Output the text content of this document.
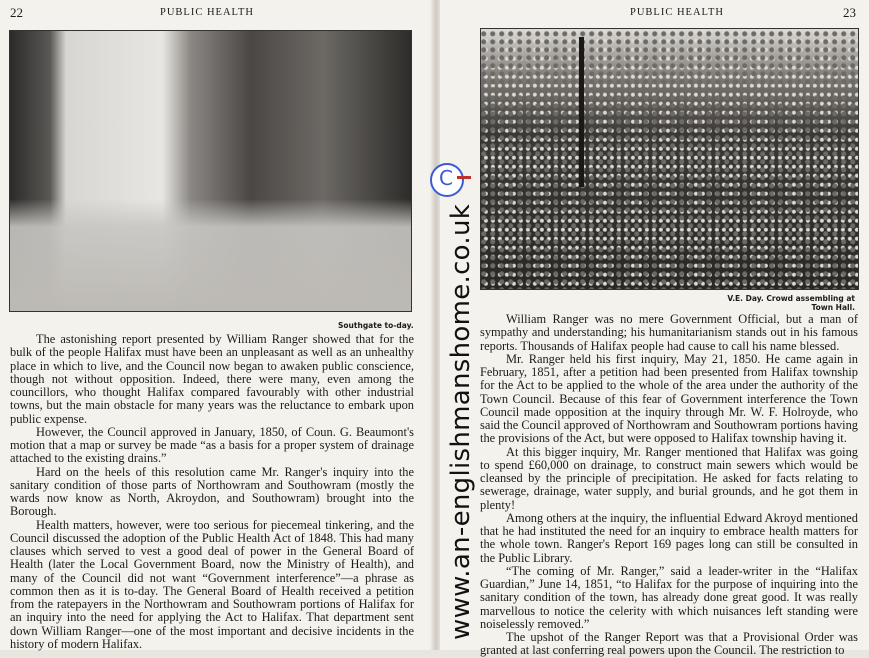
22	PUBLIC HEALTH
Southgate to-day.

The astonishing report presented by William Ranger showed that for the bulk of the people Halifax must have been an unpleasant as well as an unhealthy place in which to live, and the Council now began to awaken public conscience, though not without opposition. Indeed, there were many, even among the councillors, who thought Halifax compared favourably with other industrial towns, but the main obstacle for many years was the reluctance to embark upon public expense.

However, the Council approved in January, 1850, of Coun. G. Beaumont's motion that a map or survey be made “as a basis for a proper system of drainage attached to the existing drains.”

Hard on the heels of this resolution came Mr. Ranger's inquiry into the sanitary condition of those parts of Northowram and Southowram (mostly the wards now know as North, Akroydon, and Southowram) brought into the Borough.

Health matters, however, were too serious for piecemeal tinkering, and the Council discussed the adoption of the Public Health Act of 1848. This had many clauses which served to vest a good deal of power in the General Board of Health (later the Local Government Board, now the Ministry of Health), and many of the Council did not want “Government interference”—a phrase as common then as it is to-day. The General Board of Health received a petition from the ratepayers in the Northowram and Southowram portions of Halifax for an inquiry into the need for applying the Act to Halifax. That department sent down William Ranger—one of the most important and decisive incidents in the history of modern Halifax.

PUBLIC HEALTH	23
V.E. Day. Crowd assembling at Town Hall.

William Ranger was no mere Government Official, but a man of sympathy and understanding; his humanitarianism stands out in his famous reports. Thousands of Halifax people had cause to call his name blessed.

Mr. Ranger held his first inquiry, May 21, 1850. He came again in February, 1851, after a petition had been presented from Halifax township for the Act to be applied to the whole of the area under the authority of the Town Council. Because of this fear of Government interference the Town Council made opposition at the inquiry through Mr. W. F. Holroyde, who said the Council approved of Northowram and Southowram portions having the provisions of the Act, but were opposed to Halifax township having it.

At this bigger inquiry, Mr. Ranger mentioned that Halifax was going to spend £60,000 on drainage, to construct main sewers which would be cleansed by the principle of precipitation. He asked for facts relating to sewerage, drainage, water supply, and burial grounds, and he got them in plenty!

Among others at the inquiry, the influential Edward Akroyd mentioned that he had instituted the need for an inquiry to embrace health matters for the whole town. Ranger's Report 169 pages long can still be consulted in the Public Library.

“The coming of Mr. Ranger,” said a leader-writer in the “Halifax Guardian,” June 14, 1851, “to Halifax for the purpose of inquiring into the sanitary condition of the town, has already done great good. It was really marvellous to notice the celerity with which nuisances left standing were noiselessly removed.”

The upshot of the Ranger Report was that a Provisional Order was granted at last conferring real powers upon the Council. The restriction to

C
www.an-englishmanshome.co.uk
